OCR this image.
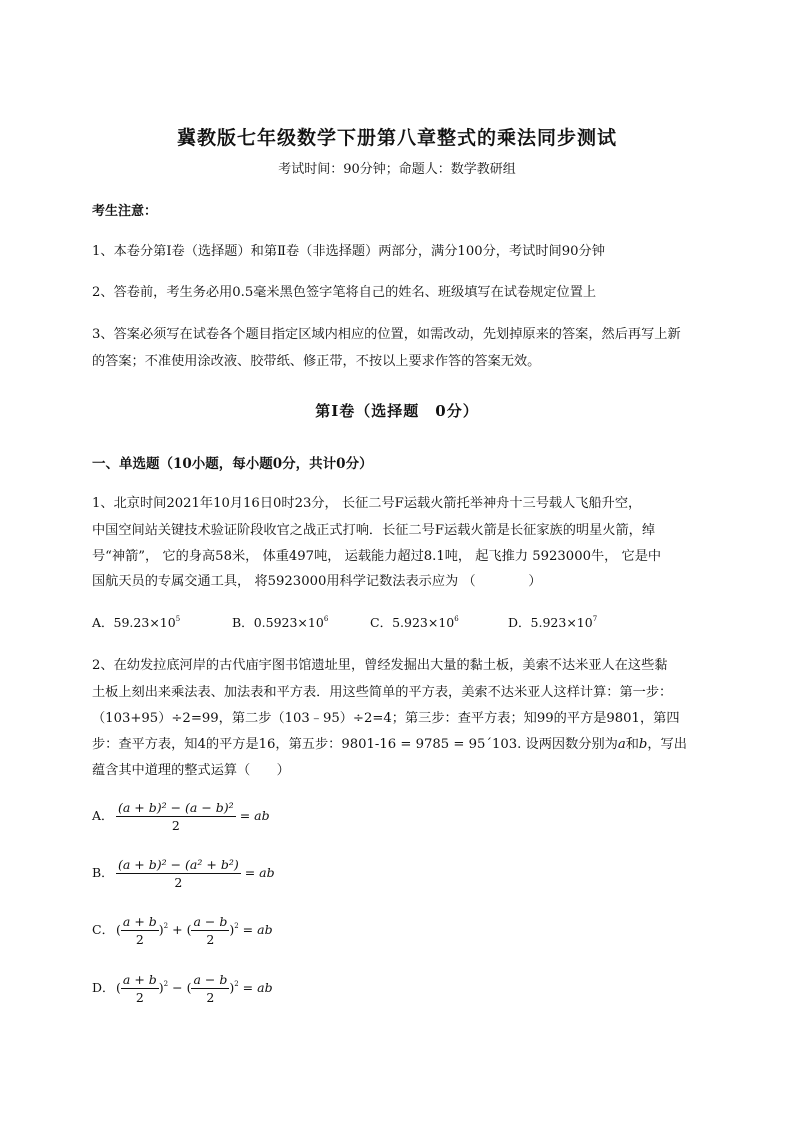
冀教版七年级数学下册第八章整式的乘法同步测试
考试时间：90分钟；命题人：数学教研组
考生注意：
1、本卷分第Ⅰ卷（选择题）和第Ⅱ卷（非选择题）两部分，满分100分，考试时间90分钟
2、答卷前，考生务必用0.5毫米黑色签字笔将自己的姓名、班级填写在试卷规定位置上
3、答案必须写在试卷各个题目指定区域内相应的位置，如需改动，先划掉原来的答案，然后再写上新
的答案；不准使用涂改液、胶带纸、修正带，不按以上要求作答的答案无效。
第Ⅰ卷（选择题　0分）
一、单选题（10小题，每小题0分，共计0分）
1、北京时间2021年10月16日0时23分， 长征二号F运载火箭托举神舟十三号载人飞船升空，
中国空间站关键技术验证阶段收官之战正式打响．长征二号F运载火箭是长征家族的明星火箭，绰
号“神箭”， 它的身高58米， 体重497吨， 运载能力超过8.1吨， 起飞推力 5923000牛， 它是中
国航天员的专属交通工具， 将5923000用科学记数法表示应为 （　　　　）
A．$59.23\times 10^5$	B．$0.5923\times 10^6$	C．$5.923\times 10^6$	D．$5.923\times 10^7$
2、在幼发拉底河岸的古代庙宇图书馆遗址里，曾经发掘出大量的黏土板，美索不达米亚人在这些黏
土板上刻出来乘法表、加法表和平方表．用这些简单的平方表，美索不达米亚人这样计算：第一步：
（103+95）÷2=99，第二步（103﹣95）÷2=4；第三步：查平方表；知99的平方是9801，第四
步：查平方表，知4的平方是16，第五步：9801-16 = 9785 = 95´103. 设两因数分别为a和b，写出
蕴含其中道理的整式运算（　　）
A． $\frac{\text{(a + b)² − (a − b)²}}{2}$ = ab
B． $\frac{\text{(a + b)² − (a² + b²)}}{2}$ = ab
C． ( $\frac{a + b}{2} )^2$ + ( $\frac{a - b}{2} )^2$ = ab
D．( $\frac{a + b}{2} )^2$ − ( $\frac{a - b}{2} )^2$ = ab
